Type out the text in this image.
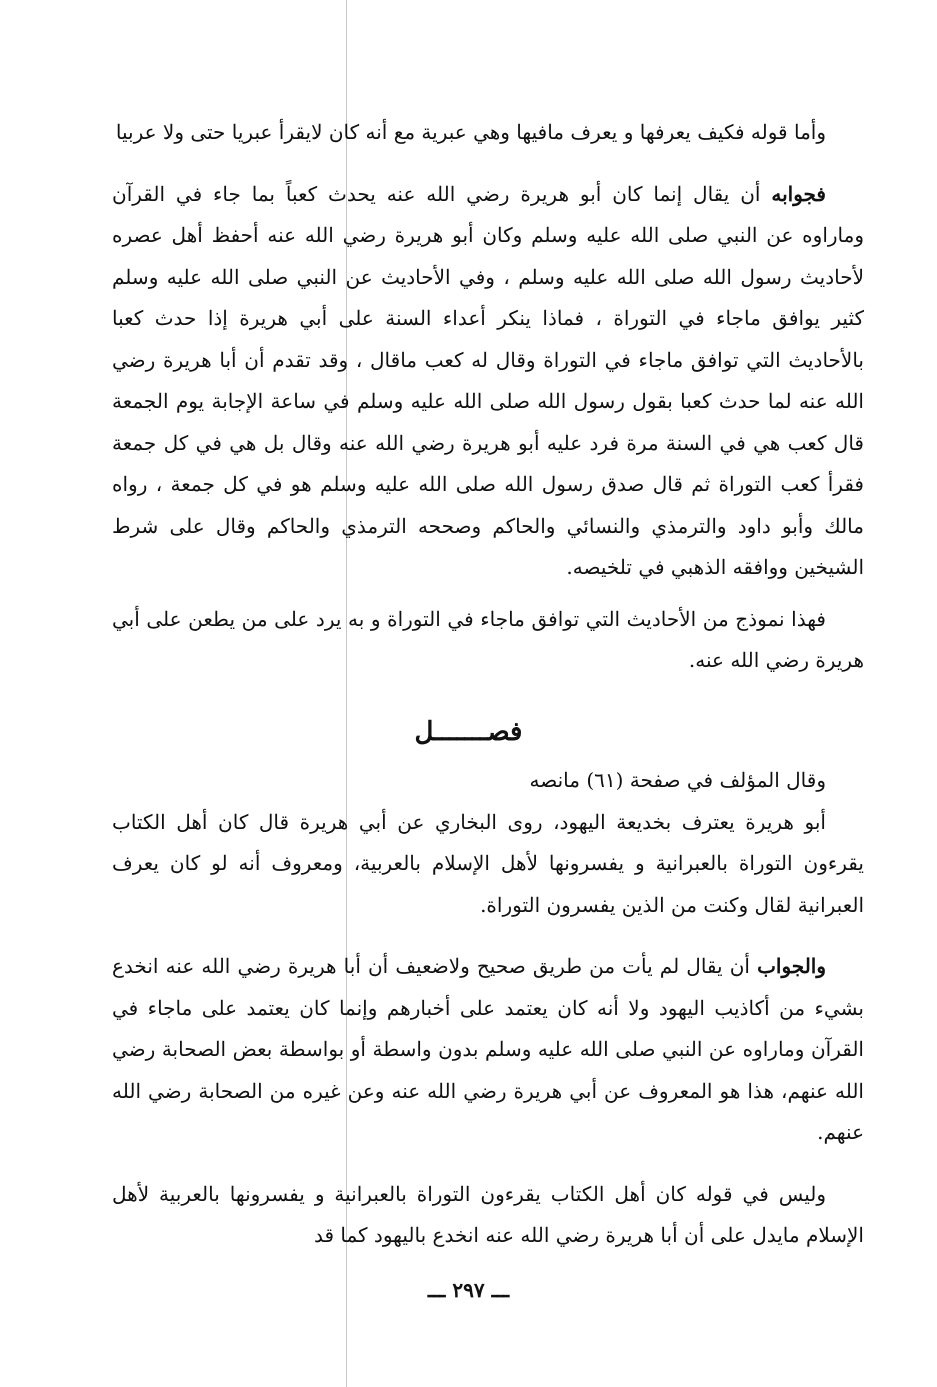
وأما قوله فكيف يعرفها و يعرف مافيها وهي عبرية مع أنه كان لايقرأ عبريا حتى ولا عربيا

فجوابه أن يقال إنما كان أبو هريرة رضي الله عنه يحدث كعباً بما جاء في القرآن وماراوه عن النبي صلى الله عليه وسلم وكان أبو هريرة رضي الله عنه أحفظ أهل عصره لأحاديث رسول الله صلى الله عليه وسلم ، وفي الأحاديث عن النبي صلى الله عليه وسلم كثير يوافق ماجاء في التوراة ، فماذا ينكر أعداء السنة على أبي هريرة إذا حدث كعبا بالأحاديث التي توافق ماجاء في التوراة وقال له كعب ماقال ، وقد تقدم أن أبا هريرة رضي الله عنه لما حدث كعبا بقول رسول الله صلى الله عليه وسلم في ساعة الإجابة يوم الجمعة قال كعب هي في السنة مرة فرد عليه أبو هريرة رضي الله عنه وقال بل هي في كل جمعة فقرأ كعب التوراة ثم قال صدق رسول الله صلى الله عليه وسلم هو في كل جمعة ، رواه مالك وأبو داود والترمذي والنسائي والحاكم وصححه الترمذي والحاكم وقال على شرط الشيخين ووافقه الذهبي في تلخيصه.

فهذا نموذج من الأحاديث التي توافق ماجاء في التوراة و به يرد على من يطعن على أبي هريرة رضي الله عنه.

فصـــــــل

وقال المؤلف في صفحة (٦١) مانصه

أبو هريرة يعترف بخديعة اليهود، روى البخاري عن أبي هريرة قال كان أهل الكتاب يقرءون التوراة بالعبرانية و يفسرونها لأهل الإسلام بالعربية، ومعروف أنه لو كان يعرف العبرانية لقال وكنت من الذين يفسرون التوراة.

والجواب أن يقال لم يأت من طريق صحيح ولاضعيف أن أبا هريرة رضي الله عنه انخدع بشيء من أكاذيب اليهود ولا أنه كان يعتمد على أخبارهم وإنما كان يعتمد على ماجاء في القرآن وماراوه عن النبي صلى الله عليه وسلم بدون واسطة أو بواسطة بعض الصحابة رضي الله عنهم، هذا هو المعروف عن أبي هريرة رضي الله عنه وعن غيره من الصحابة رضي الله عنهم.

وليس في قوله كان أهل الكتاب يقرءون التوراة بالعبرانية و يفسرونها بالعربية لأهل الإسلام مايدل على أن أبا هريرة رضي الله عنه انخدع باليهود كما قد

ـــ ٢٩٧ ـــ
